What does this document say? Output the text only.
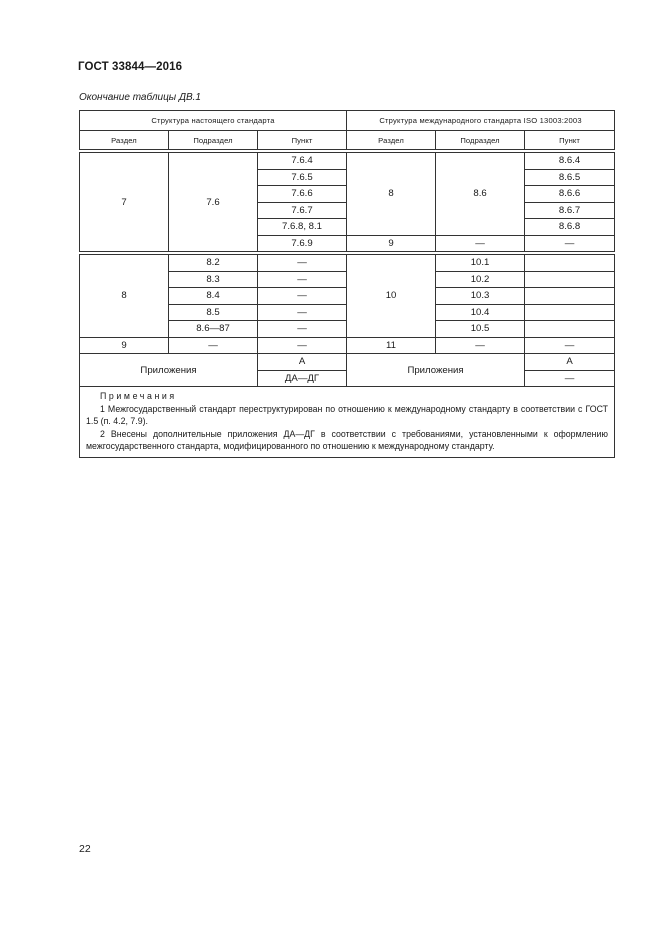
ГОСТ 33844—2016
Окончание таблицы ДВ.1
Структура настоящего стандарта			Структура международного стандарта ISO 13003:2003		
Раздел	Подраздел	Пункт	Раздел	Подраздел	Пункт

7	7.6	7.6.4	8	8.6	8.6.4
		7.6.5			8.6.5
		7.6.6			8.6.6
		7.6.7			8.6.7
		7.6.8, 8.1			8.6.8
		7.6.9	9	—	—

8	8.2	—	10	10.1	
	8.3	—		10.2	
	8.4	—		10.3	
	8.5	—		10.4	
	8.6—87	—		10.5	
9	—	—	11	—	—
Приложения		А	Приложения		А
		ДА—ДГ			—

Примечания
1 Межгосударственный стандарт переструктурирован по отношению к международному стандарту в соответствии с ГОСТ 1.5 (п. 4.2, 7.9).
2 Внесены дополнительные приложения ДА—ДГ в соответствии с требованиями, установленными к оформлению межгосударственного стандарта, модифицированного по отношению к международному стандарту.					
22
